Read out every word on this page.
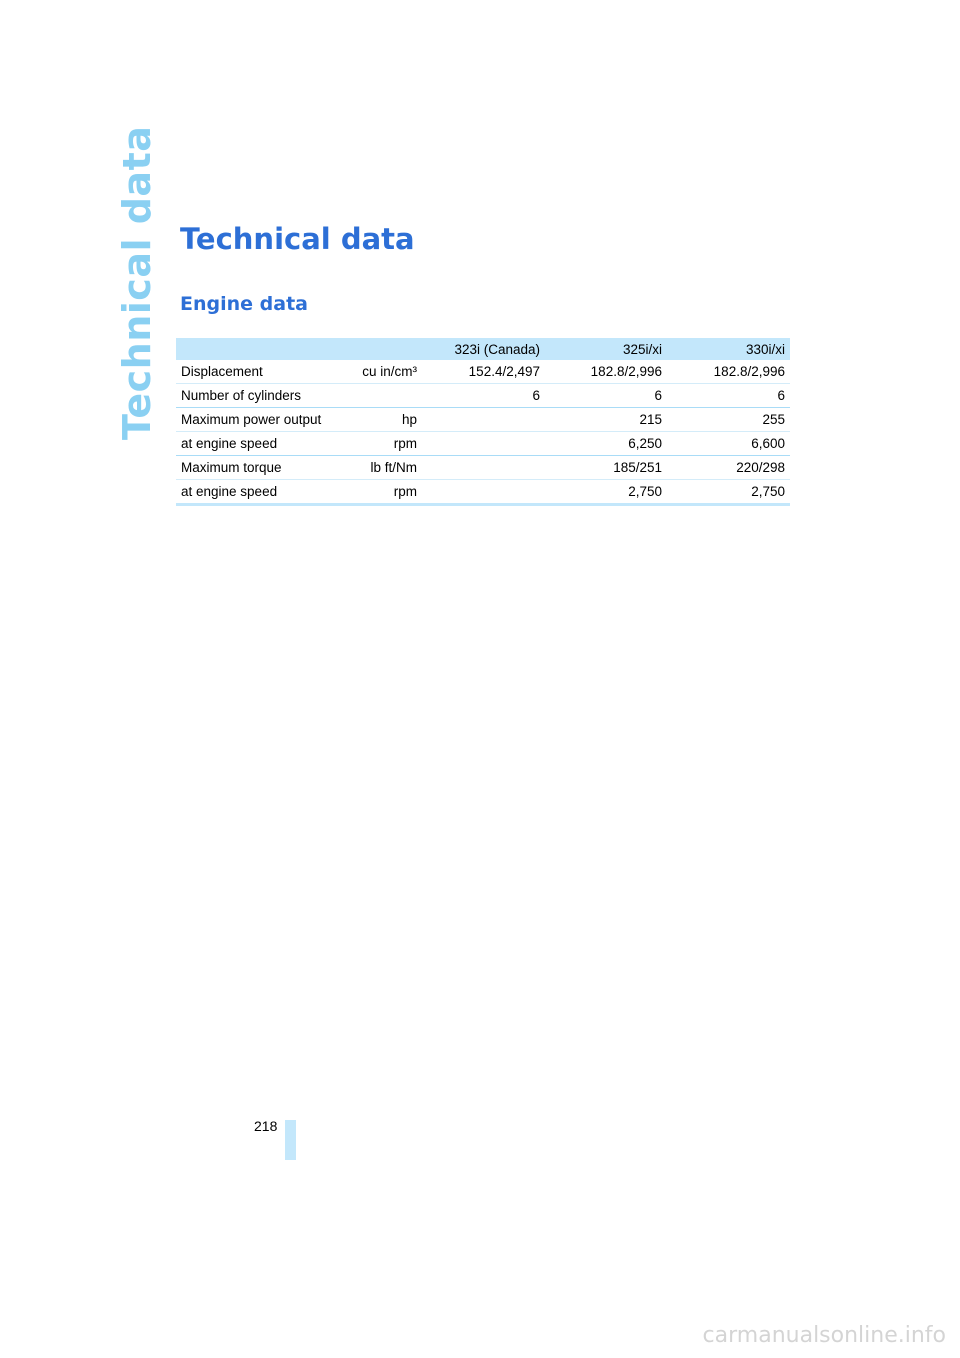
Technical data Technical data
Engine data
		323i (Canada)	325i/xi	330i/xi
Displacement	cu in/cm³	152.4/2,497	182.8/2,996	182.8/2,996
Number of cylinders		6	6	6
Maximum power output	hp		215	255
at engine speed	rpm		6,250	6,600
Maximum torque	lb ft/Nm		185/251	220/298
at engine speed	rpm		2,750	2,750
218
carmanualsonline.info
